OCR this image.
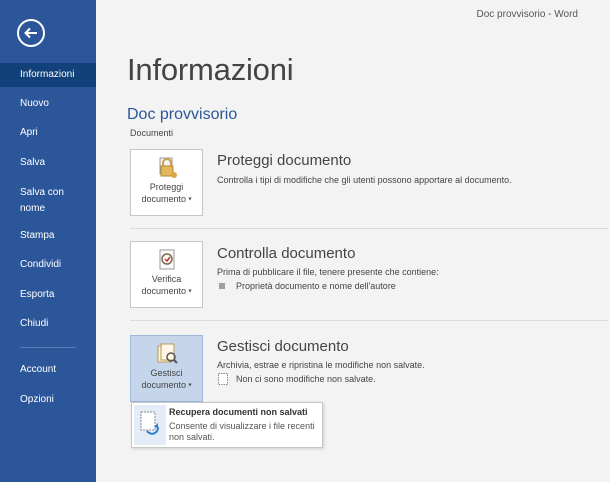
Informazioni
Nuovo
Apri
Salva
Salva con nome
Stampa
Condividi
Esporta
Chiudi
Account
Opzioni
Doc provvisorio - Word
Informazioni
Doc provvisorio
Documenti
Proteggi
documento ▾
Proteggi documento
Controlla i tipi di modifiche che gli utenti possono apportare al documento.
Verifica
documento ▾
Controlla documento
Prima di pubblicare il file, tenere presente che contiene:
Proprietà documento e nome dell'autore
Gestisci
documento ▾
Gestisci documento
Archivia, estrae e ripristina le modifiche non salvate.
Non ci sono modifiche non salvate.
Recupera documenti non salvati
Consente di visualizzare i file recenti non salvati.
